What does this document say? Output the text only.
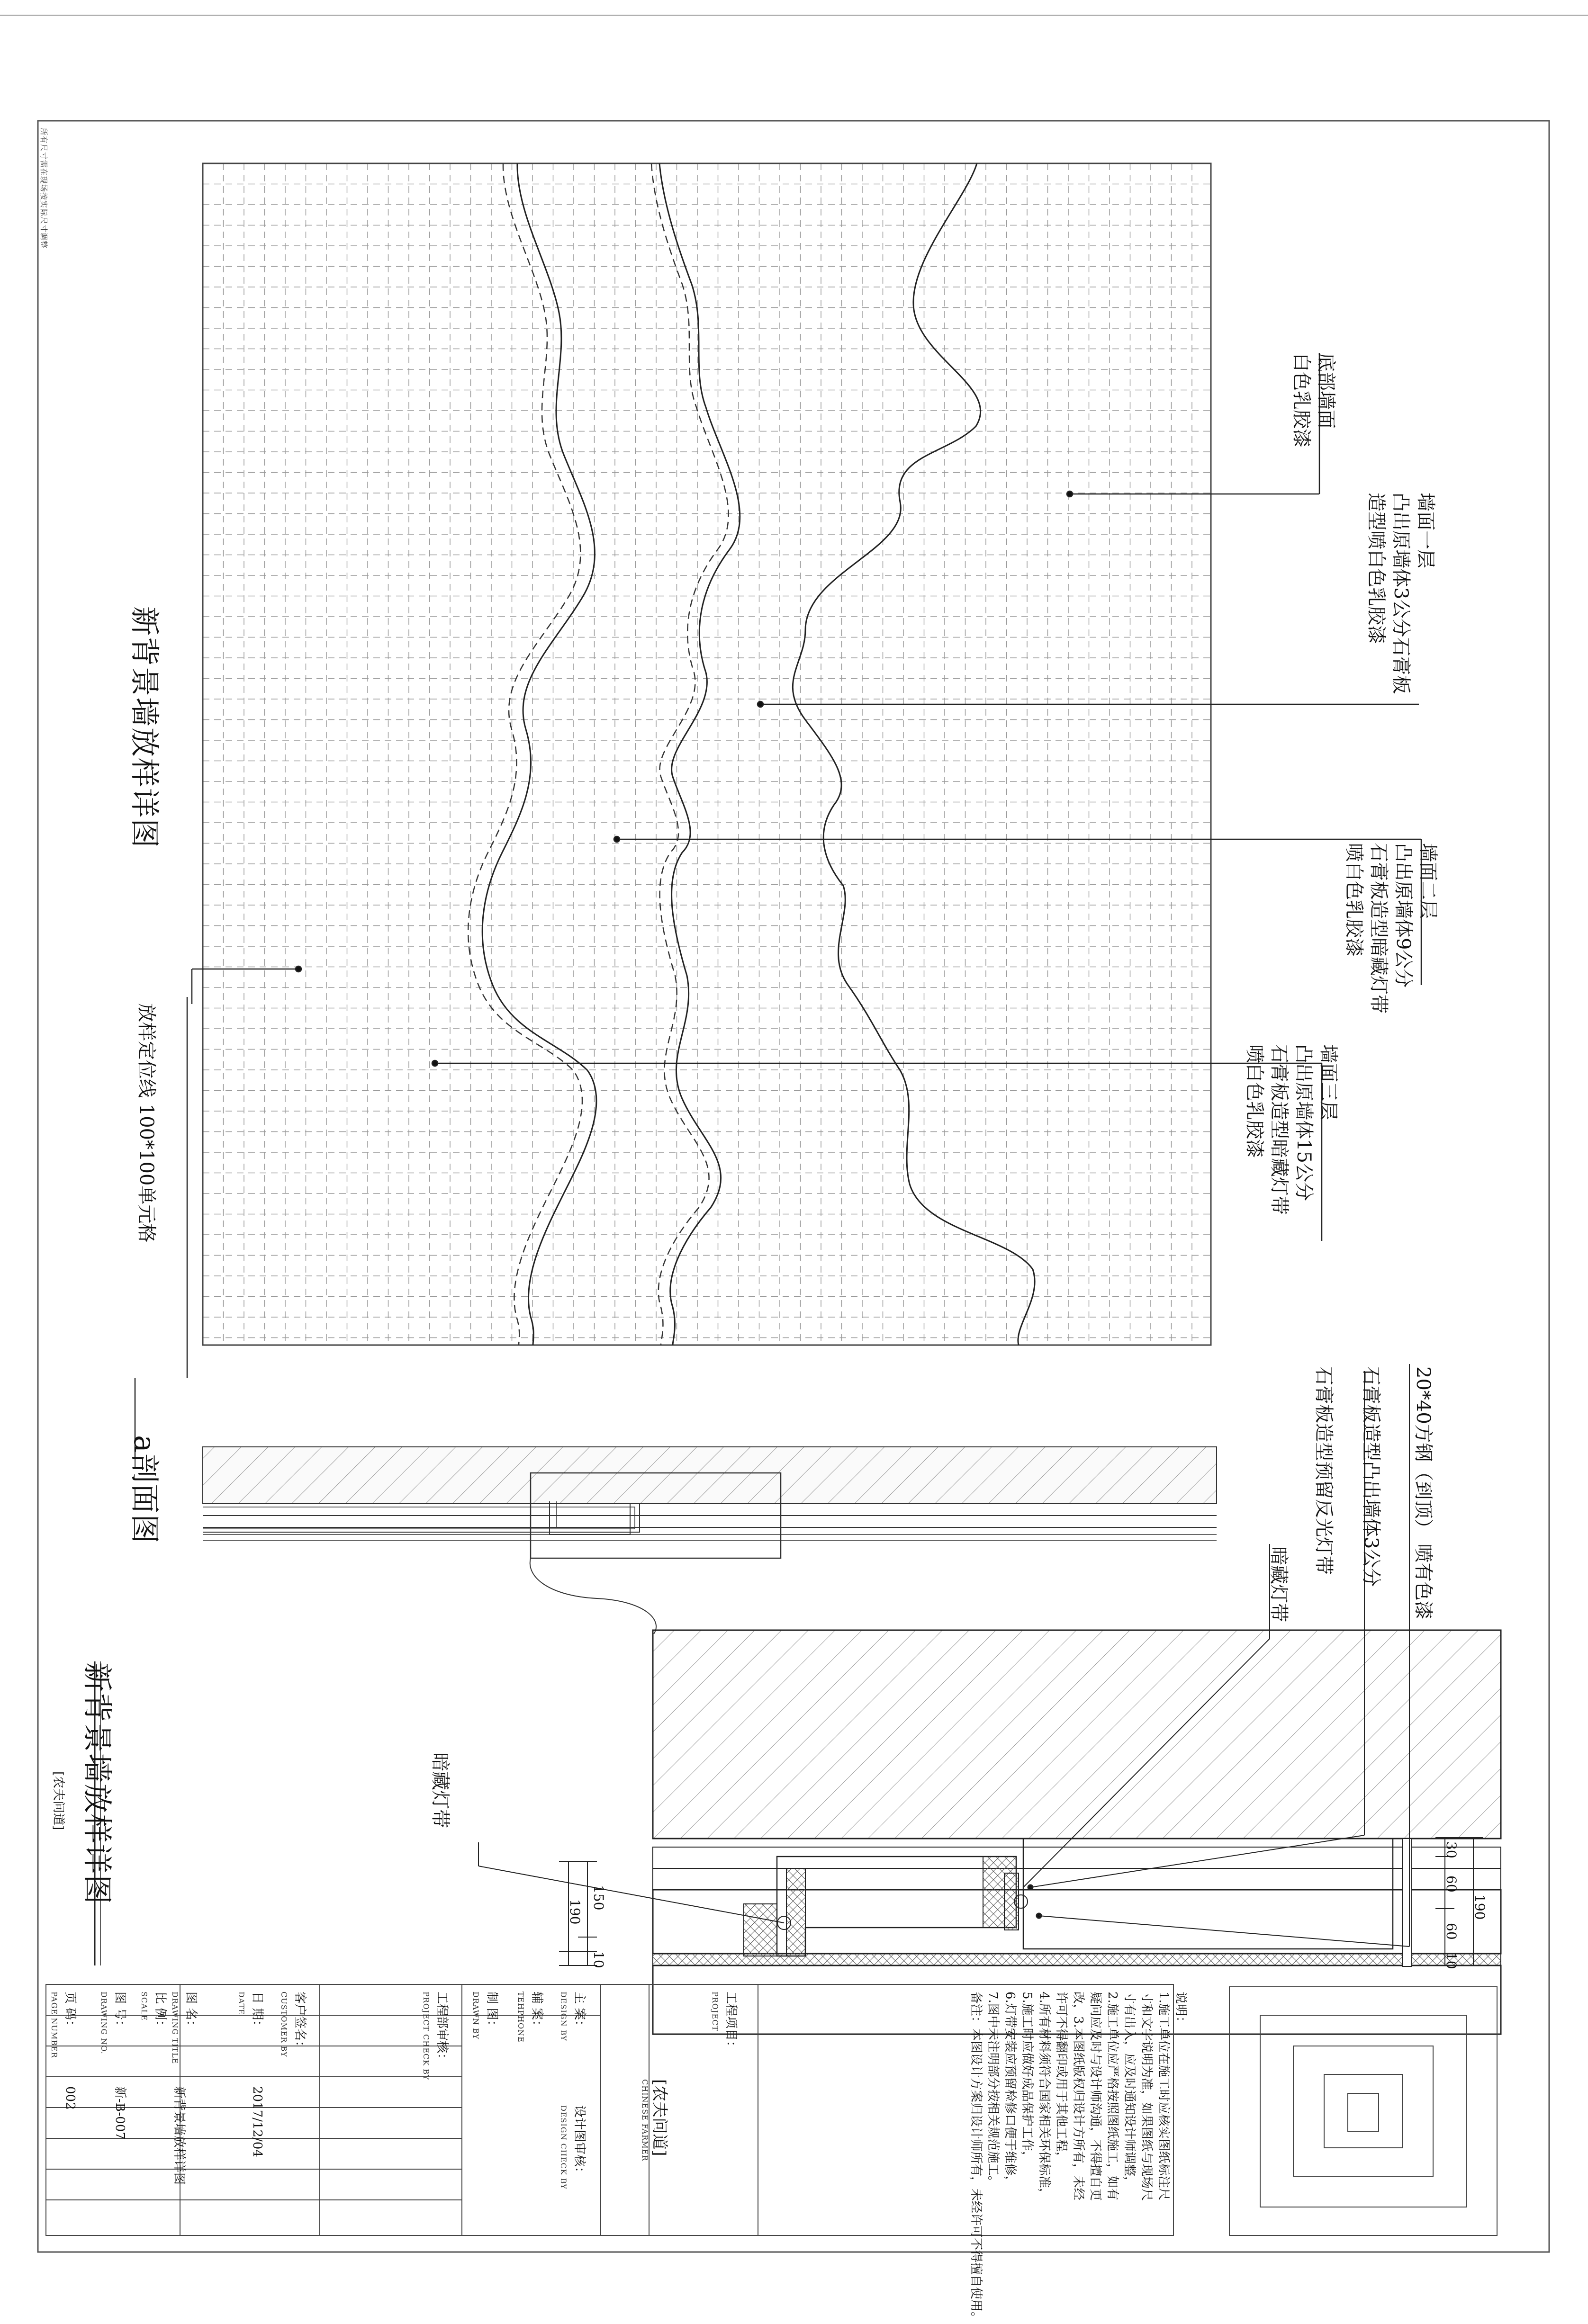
所有尺寸需在现场按实际尺寸调整
新背景墙放样详图
放样定位线 100*100单元格
底部墙面
白色乳胶漆
墙面一层
凸出原墙体3公分石膏板
造型喷白色乳胶漆
墙面二层
凸出原墙体9公分
石膏板造型暗藏灯带
喷白色乳胶漆
墙面三层
凸出原墙体15公分
石膏板造型暗藏灯带
喷白色乳胶漆
a剖面图	20*40方钢（到顶） 喷有色漆
石膏板造型凸出墙体3公分
石膏板造型预留反光灯带
暗藏灯带
暗藏灯带
30
60
60
10
190
150
190
10
新背景墙放样详图
[农夫问道]
说明：
1.施工单位在施工时应核实图纸标注尺
寸和文字说明为准，如果图纸与现场尺
寸有出入，应及时通知设计师调整，
2.施工单位应严格按照图纸施工，如有
疑问应及时与设计师沟通，不得擅自更
改，3.本图纸版权归设计方所有，未经
许可不得翻印或用于其他工程，
4.所有材料须符合国家相关环保标准，
5.施工时应做好成品保护工作，
6.灯带安装应预留检修口便于维修，
7.图中未注明部分按相关规范施工。
备注：本图设计方案归设计师所有，未经许可不得擅自使用。
工程项目：
PROJECT
[农夫问道]
CHINESE FARMER
主 案：
DESIGN BY
设计图审核：
DESIGN CHECK BY
辅 案：
TEHPHONE
制 图：
DRAWN BY
工程部审核：
PROJECT CHECK BY
客户签名：
CUSTOMER BY
日 期：
DATE
2017/12/04
比 例：
SCALE	图 名：
DRAWING TITLE
新背景墙放样详图
图 号：
DRAWING NO.
新-B-007
页 码：
PAGE NUMBER
002
